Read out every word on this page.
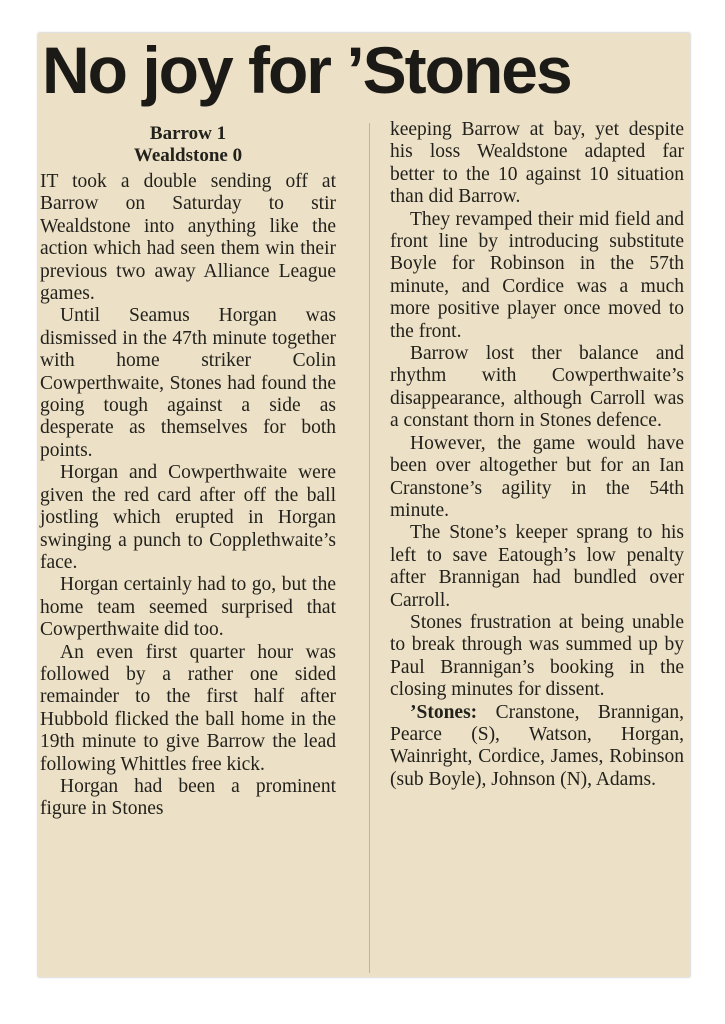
No joy for ’Stones
Barrow 1
Wealdstone 0

IT took a double sending off at Barrow on Saturday to stir Wealdstone into anything like the action which had seen them win their previous two away Alliance League games.

Until Seamus Horgan was dismissed in the 47th minute together with home striker Colin Cowperthwaite, Stones had found the going tough against a side as desperate as themselves for both points.

Horgan and Cowperthwaite were given the red card after off the ball jostling which erupted in Horgan swinging a punch to Copplethwaite’s face.

Horgan certainly had to go, but the home team seemed surprised that Cowperthwaite did too.

An even first quarter hour was followed by a rather one sided remainder to the first half after Hubbold flicked the ball home in the 19th minute to give Barrow the lead following Whittles free kick.

Horgan had been a prominent figure in Stones

keeping Barrow at bay, yet despite his loss Wealdstone adapted far better to the 10 against 10 situation than did Barrow.

They revamped their mid field and front line by introducing substitute Boyle for Robinson in the 57th minute, and Cordice was a much more positive player once moved to the front.

Barrow lost ther balance and rhythm with Cowperthwaite’s disappearance, although Carroll was a constant thorn in Stones defence.

However, the game would have been over altogether but for an Ian Cranstone’s agility in the 54th minute.

The Stone’s keeper sprang to his left to save Eatough’s low penalty after Brannigan had bundled over Carroll.

Stones frustration at being unable to break through was summed up by Paul Brannigan’s booking in the closing minutes for dissent.

’Stones: Cranstone, Brannigan, Pearce (S), Watson, Horgan, Wainright, Cordice, James, Robinson (sub Boyle), Johnson (N), Adams.
